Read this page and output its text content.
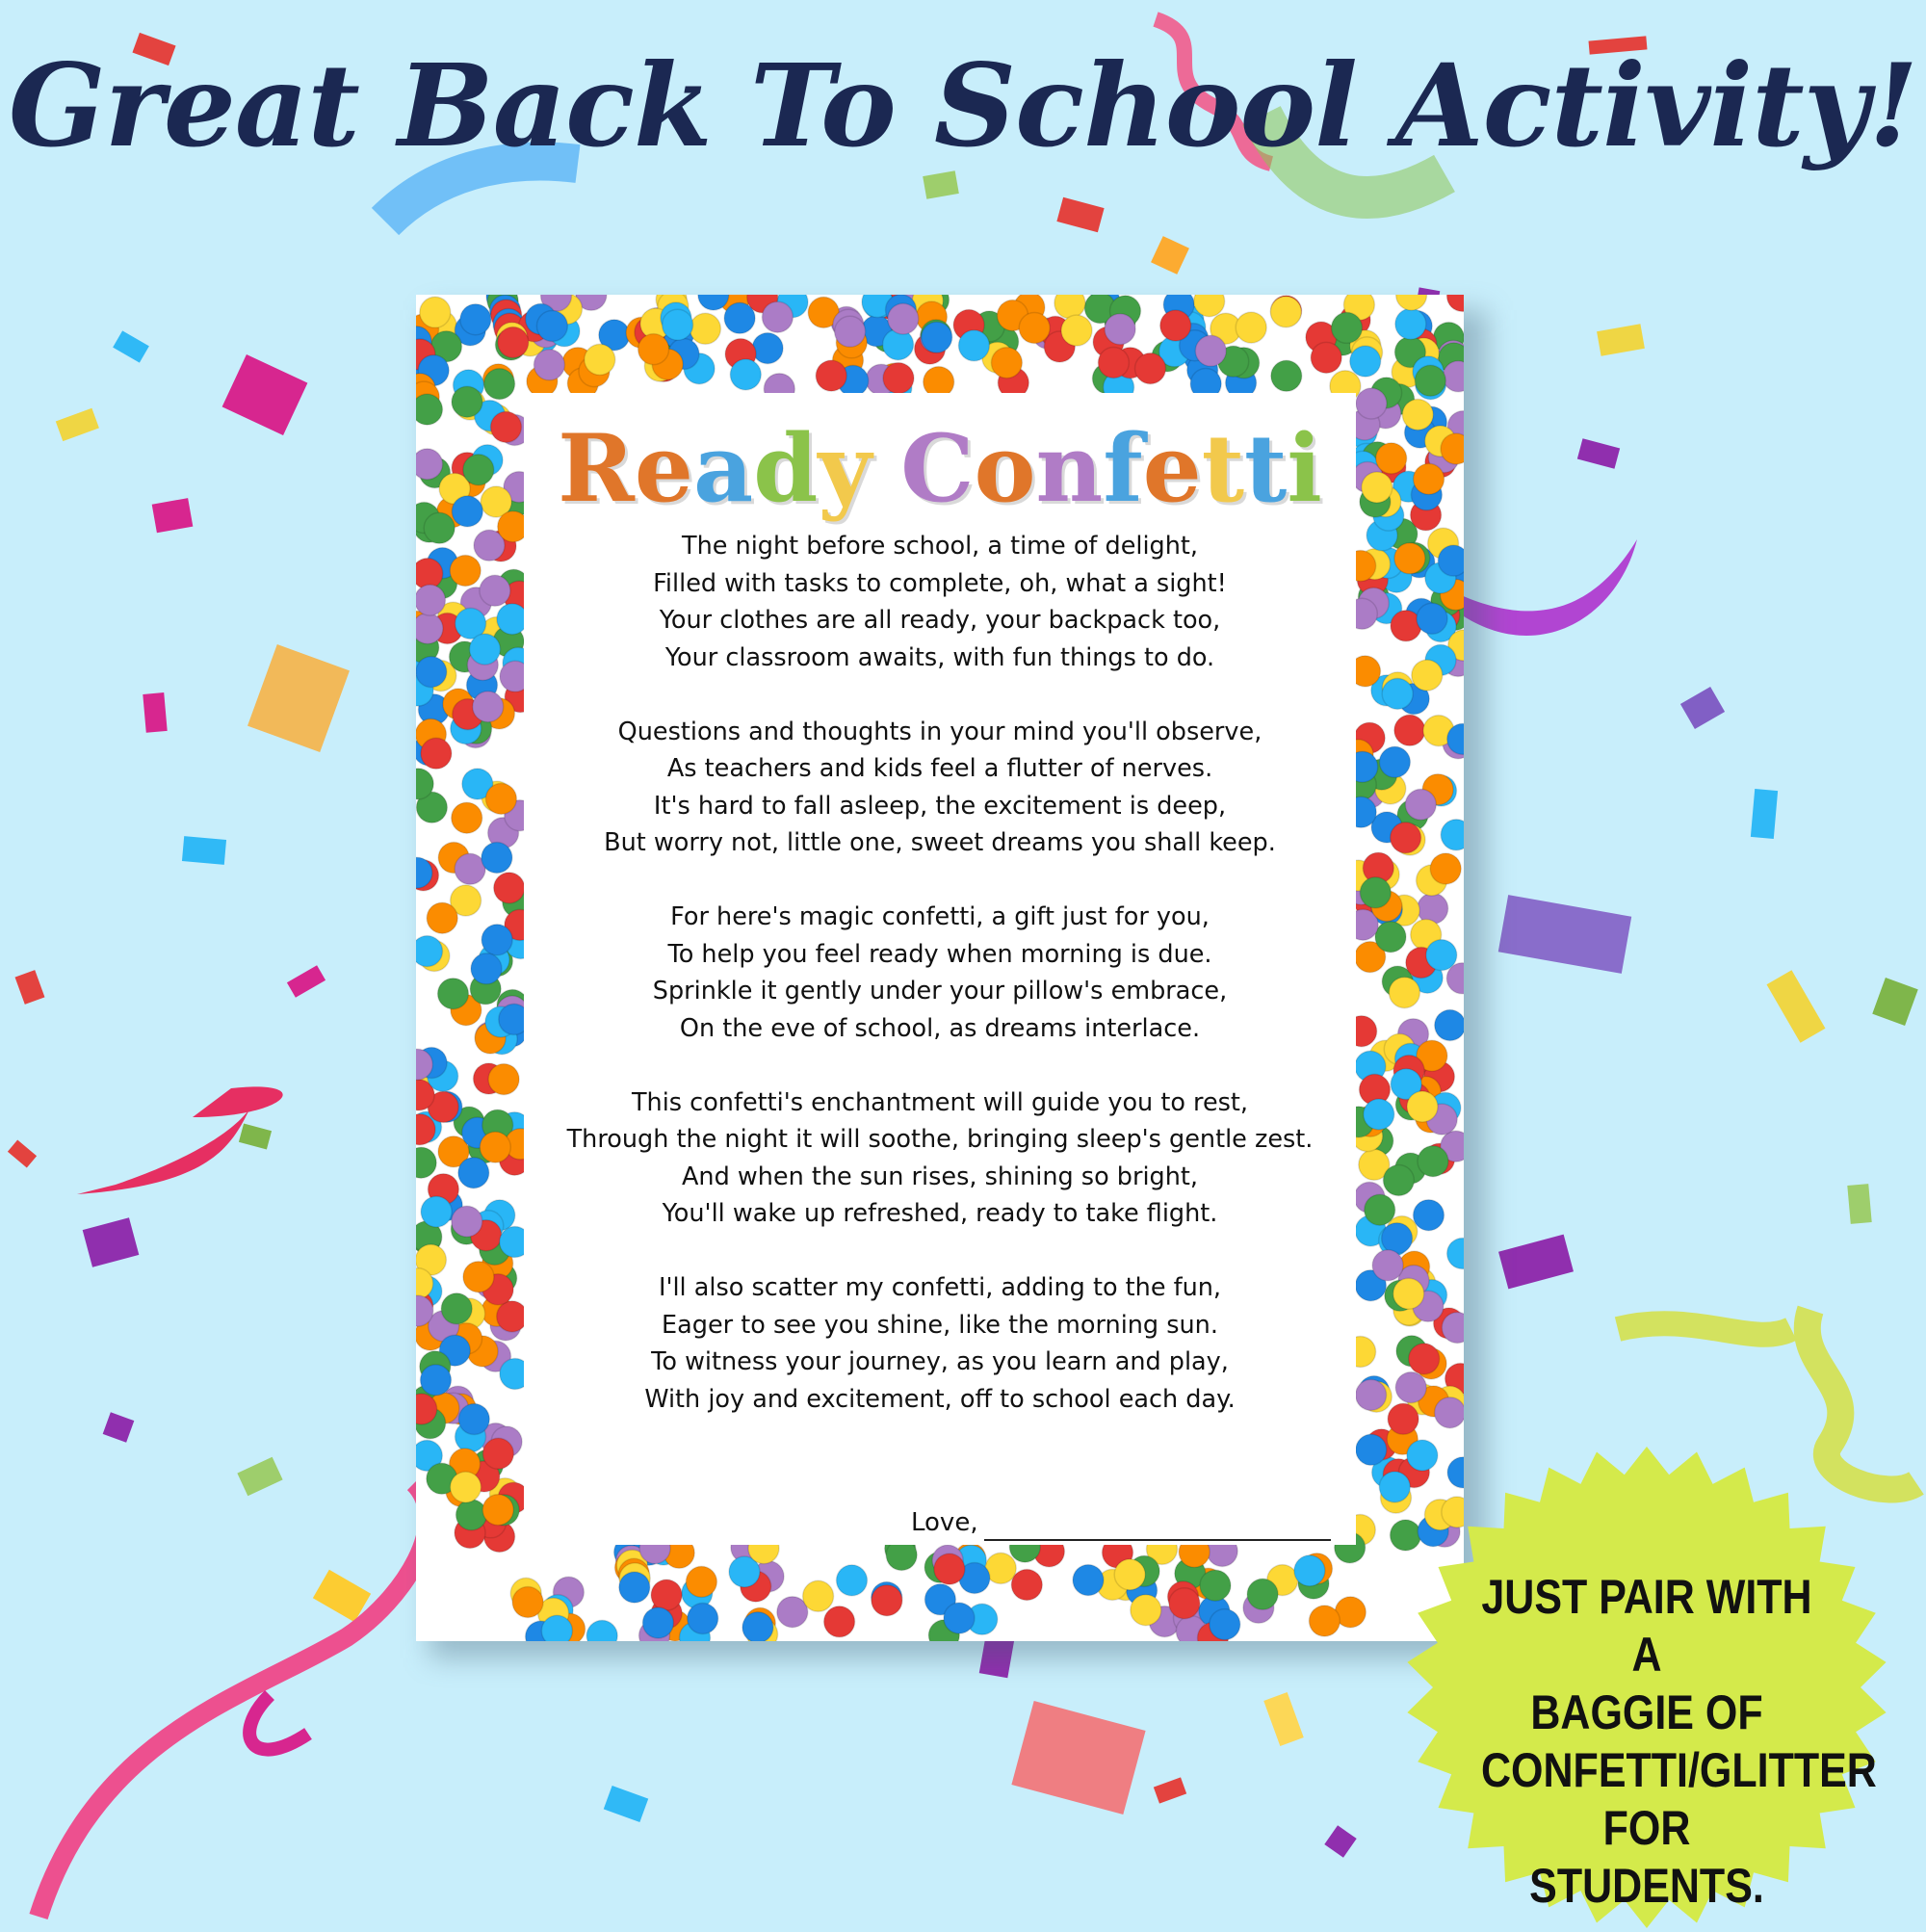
Great Back To School Activity!
Ready Confetti
The night before school, a time of delight,
Filled with tasks to complete, oh, what a sight!
Your clothes are all ready, your backpack too,
Your classroom awaits, with fun things to do.
Questions and thoughts in your mind you'll observe,
As teachers and kids feel a flutter of nerves.
It's hard to fall asleep, the excitement is deep,
But worry not, little one, sweet dreams you shall keep.
For here's magic confetti, a gift just for you,
To help you feel ready when morning is due.
Sprinkle it gently under your pillow's embrace,
On the eve of school, as dreams interlace.
This confetti's enchantment will guide you to rest,
Through the night it will soothe, bringing sleep's gentle zest.
And when the sun rises, shining so bright,
You'll wake up refreshed, ready to take flight.
I'll also scatter my confetti, adding to the fun,
Eager to see you shine, like the morning sun.
To witness your journey, as you learn and play,
With joy and excitement, off to school each day.
Love,
JUST PAIR WITH A
BAGGIE OF
CONFETTI/GLITTER
FOR STUDENTS.
